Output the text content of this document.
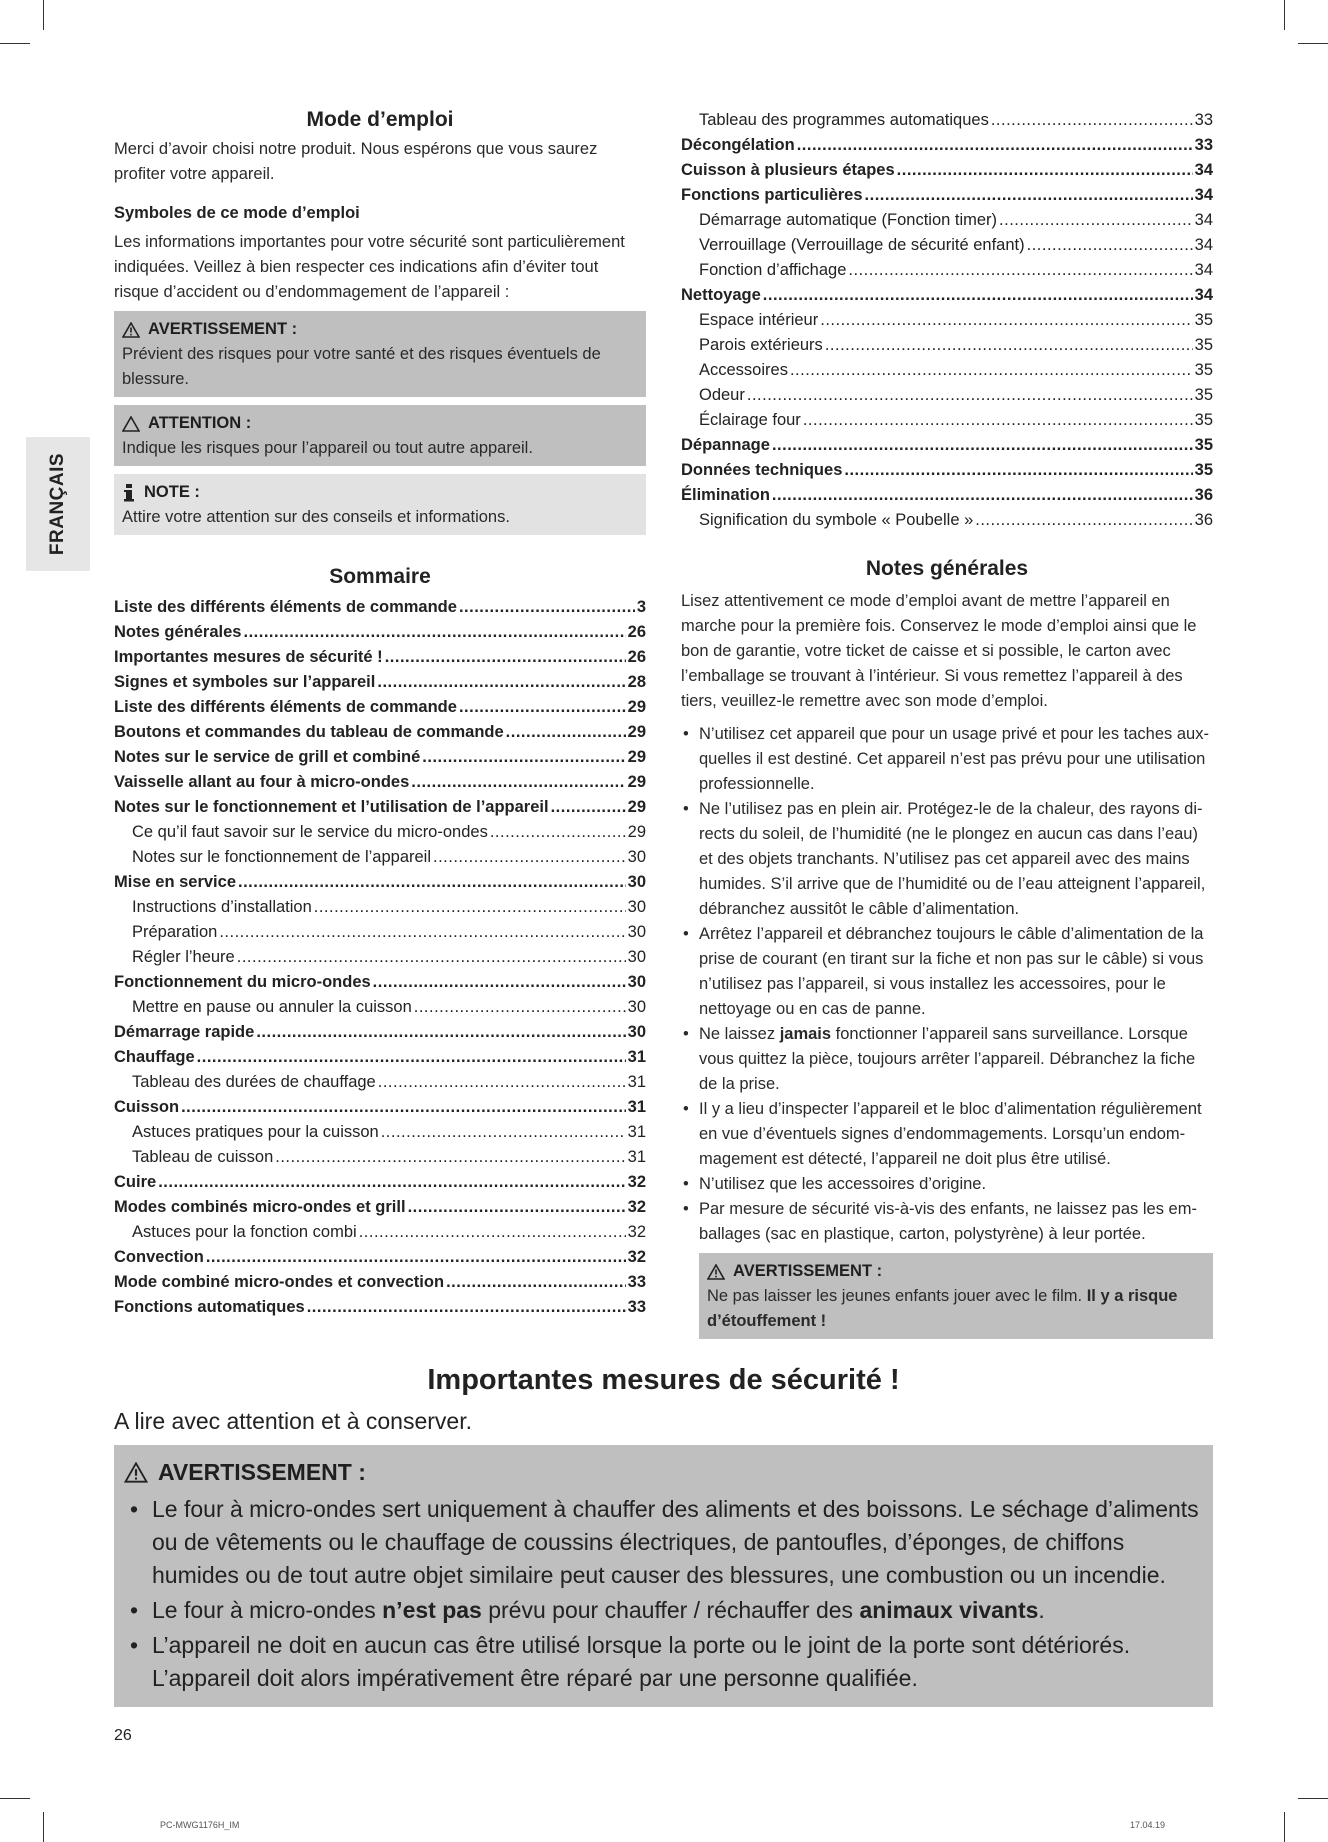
FRANÇAIS
Mode d’emploi
Merci d’avoir choisi notre produit. Nous espérons que vous saurez profiter votre appareil.
Symboles de ce mode d’emploi
Les informations importantes pour votre sécurité sont particulièrement indiquées. Veillez à bien respecter ces indications afin d’éviter tout risque d’accident ou d’endommagement de l’appareil :
AVERTISSEMENT :
Prévient des risques pour votre santé et des risques éventuels de blessure.
ATTENTION :
Indique les risques pour l’appareil ou tout autre appareil.
NOTE :
Attire votre attention sur des conseils et informations.
Sommaire
Liste des différents éléments de commande .....	3
Notes générales .....	26
Importantes mesures de sécurité ! .....	26
Signes et symboles sur l’appareil .....	28
Liste des différents éléments de commande .....	29
Boutons et commandes du tableau de commande .....	29
Notes sur le service de grill et combiné .....	29
Vaisselle allant au four à micro-ondes .....	29
Notes sur le fonctionnement et l’utilisation de l’appareil .....	29
Ce qu’il faut savoir sur le service du micro-ondes .....	29
Notes sur le fonctionnement de l’appareil .....	30
Mise en service .....	30
Instructions d’installation .....	30
Préparation .....	30
Régler l’heure .....	30
Fonctionnement du micro-ondes .....	30
Mettre en pause ou annuler la cuisson .....	30
Démarrage rapide .....	30
Chauffage .....	31
Tableau des durées de chauffage .....	31
Cuisson .....	31
Astuces pratiques pour la cuisson .....	31
Tableau de cuisson .....	31
Cuire .....	32
Modes combinés micro-ondes et grill .....	32
Astuces pour la fonction combi .....	32
Convection .....	32
Mode combiné micro-ondes et convection .....	33
Fonctions automatiques .....	33
Tableau des programmes automatiques .....	33
Décongélation .....	33
Cuisson à plusieurs étapes .....	34
Fonctions particulières .....	34
Démarrage automatique (Fonction timer) .....	34
Verrouillage (Verrouillage de sécurité enfant) .....	34
Fonction d’affichage .....	34
Nettoyage .....	34
Espace intérieur .....	35
Parois extérieurs .....	35
Accessoires .....	35
Odeur .....	35
Éclairage four .....	35
Dépannage .....	35
Données techniques .....	35
Élimination .....	36
Signification du symbole « Poubelle » .....	36
Notes générales
Lisez attentivement ce mode d’emploi avant de mettre l’appareil en marche pour la première fois. Conservez le mode d’emploi ainsi que le bon de garantie, votre ticket de caisse et si possible, le carton avec l’emballage se trouvant à l’intérieur. Si vous remettez l’appareil à des tiers, veuillez-le remettre avec son mode d’emploi.
• N’utilisez cet appareil que pour un usage privé et pour les taches aux-quelles il est destiné. Cet appareil n’est pas prévu pour une utilisation professionnelle.
• Ne l’utilisez pas en plein air. Protégez-le de la chaleur, des rayons di-rects du soleil, de l’humidité (ne le plongez en aucun cas dans l’eau) et des objets tranchants. N’utilisez pas cet appareil avec des mains humides. S’il arrive que de l’humidité ou de l’eau atteignent l’appareil, débranchez aussitôt le câble d’alimentation.
• Arrêtez l’appareil et débranchez toujours le câble d’alimentation de la prise de courant (en tirant sur la fiche et non pas sur le câble) si vous n’utilisez pas l’appareil, si vous installez les accessoires, pour le nettoyage ou en cas de panne.
• Ne laissez jamais fonctionner l’appareil sans surveillance. Lorsque vous quittez la pièce, toujours arrêter l’appareil. Débranchez la fiche de la prise.
• Il y a lieu d’inspecter l’appareil et le bloc d’alimentation régulièrement en vue d’éventuels signes d’endommagements. Lorsqu’un endom-magement est détecté, l’appareil ne doit plus être utilisé.
• N’utilisez que les accessoires d’origine.
• Par mesure de sécurité vis-à-vis des enfants, ne laissez pas les em-ballages (sac en plastique, carton, polystyrène) à leur portée.
AVERTISSEMENT :
Ne pas laisser les jeunes enfants jouer avec le film. Il y a risque d’étouffement !
Importantes mesures de sécurité !
A lire avec attention et à conserver.
AVERTISSEMENT :
• Le four à micro-ondes sert uniquement à chauffer des aliments et des boissons. Le séchage d’aliments ou de vêtements ou le chauffage de coussins électriques, de pantoufles, d’éponges, de chiffons humides ou de tout autre objet similaire peut causer des blessures, une combustion ou un incendie.
• Le four à micro-ondes n’est pas prévu pour chauffer / réchauffer des animaux vivants.
• L’appareil ne doit en aucun cas être utilisé lorsque la porte ou le joint de la porte sont détériorés. L’appareil doit alors impérativement être réparé par une personne qualifiée.
26
PC-MWG1176H_IM	17.04.19
